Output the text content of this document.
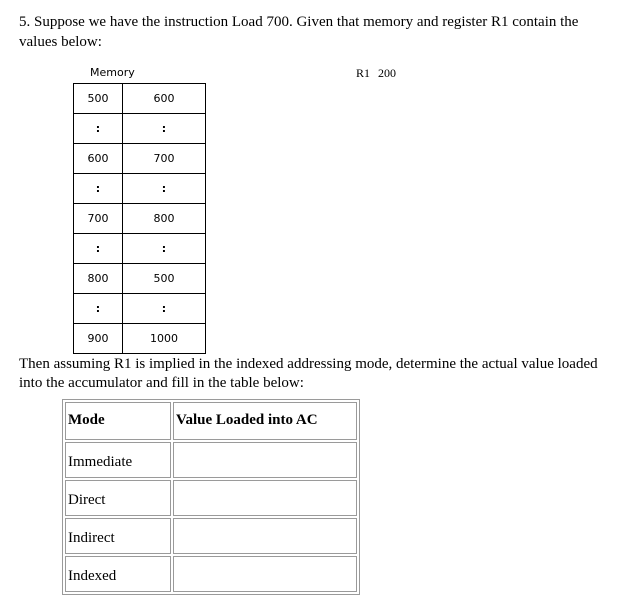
5. Suppose we have the instruction Load 700. Given that memory and register R1 contain the values below:
Memory	R1 200
500	600
:	:
600	700
:	:
700	800
:	:
800	500
:	:
900	1000
Then assuming R1 is implied in the indexed addressing mode, determine the actual value loaded into the accumulator and fill in the table below:
Mode	Value Loaded into AC
Immediate	
Direct	
Indirect	
Indexed	
